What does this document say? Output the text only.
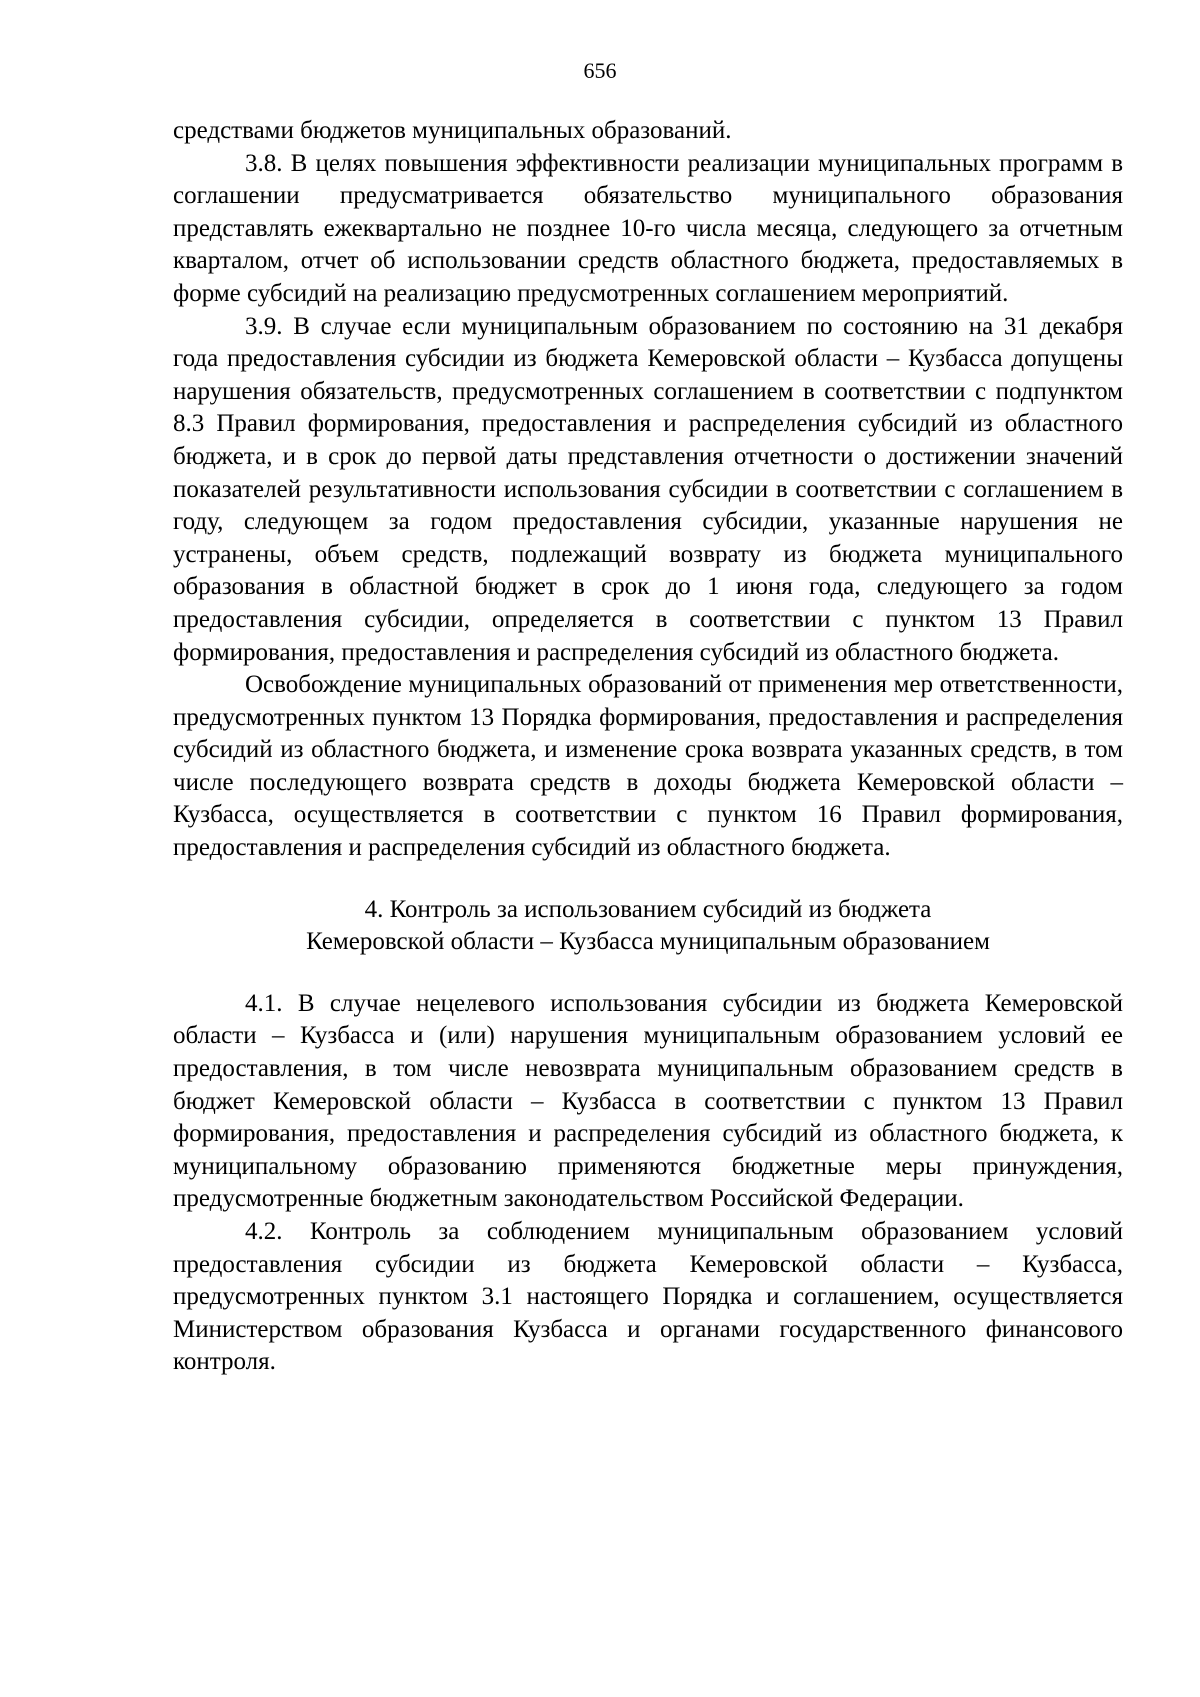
656

средствами бюджетов муниципальных образований.

3.8. В целях повышения эффективности реализации муниципальных программ в соглашении предусматривается обязательство муниципального образования представлять ежеквартально не позднее 10-го числа месяца, следующего за отчетным кварталом, отчет об использовании средств областного бюджета, предоставляемых в форме субсидий на реализацию предусмотренных соглашением мероприятий.

3.9. В случае если муниципальным образованием по состоянию на 31 декабря года предоставления субсидии из бюджета Кемеровской области – Кузбасса допущены нарушения обязательств, предусмотренных соглашением в соответствии с подпунктом 8.3 Правил формирования, предоставления и распределения субсидий из областного бюджета, и в срок до первой даты представления отчетности о достижении значений показателей результативности использования субсидии в соответствии с соглашением в году, следующем за годом предоставления субсидии, указанные нарушения не устранены, объем средств, подлежащий возврату из бюджета муниципального образования в областной бюджет в срок до 1 июня года, следующего за годом предоставления субсидии, определяется в соответствии с пунктом 13 Правил формирования, предоставления и распределения субсидий из областного бюджета.

Освобождение муниципальных образований от применения мер ответственности, предусмотренных пунктом 13 Порядка формирования, предоставления и распределения субсидий из областного бюджета, и изменение срока возврата указанных средств, в том числе последующего возврата средств в доходы бюджета Кемеровской области – Кузбасса, осуществляется в соответствии с пунктом 16 Правил формирования, предоставления и распределения субсидий из областного бюджета.

4. Контроль за использованием субсидий из бюджета
Кемеровской области – Кузбасса муниципальным образованием

4.1. В случае нецелевого использования субсидии из бюджета Кемеровской области – Кузбасса и (или) нарушения муниципальным образованием условий ее предоставления, в том числе невозврата муниципальным образованием средств в бюджет Кемеровской области – Кузбасса в соответствии с пунктом 13 Правил формирования, предоставления и распределения субсидий из областного бюджета, к муниципальному образованию применяются бюджетные меры принуждения, предусмотренные бюджетным законодательством Российской Федерации.

4.2. Контроль за соблюдением муниципальным образованием условий предоставления субсидии из бюджета Кемеровской области – Кузбасса, предусмотренных пунктом 3.1 настоящего Порядка и соглашением, осуществляется Министерством образования Кузбасса и органами государственного финансового контроля.
